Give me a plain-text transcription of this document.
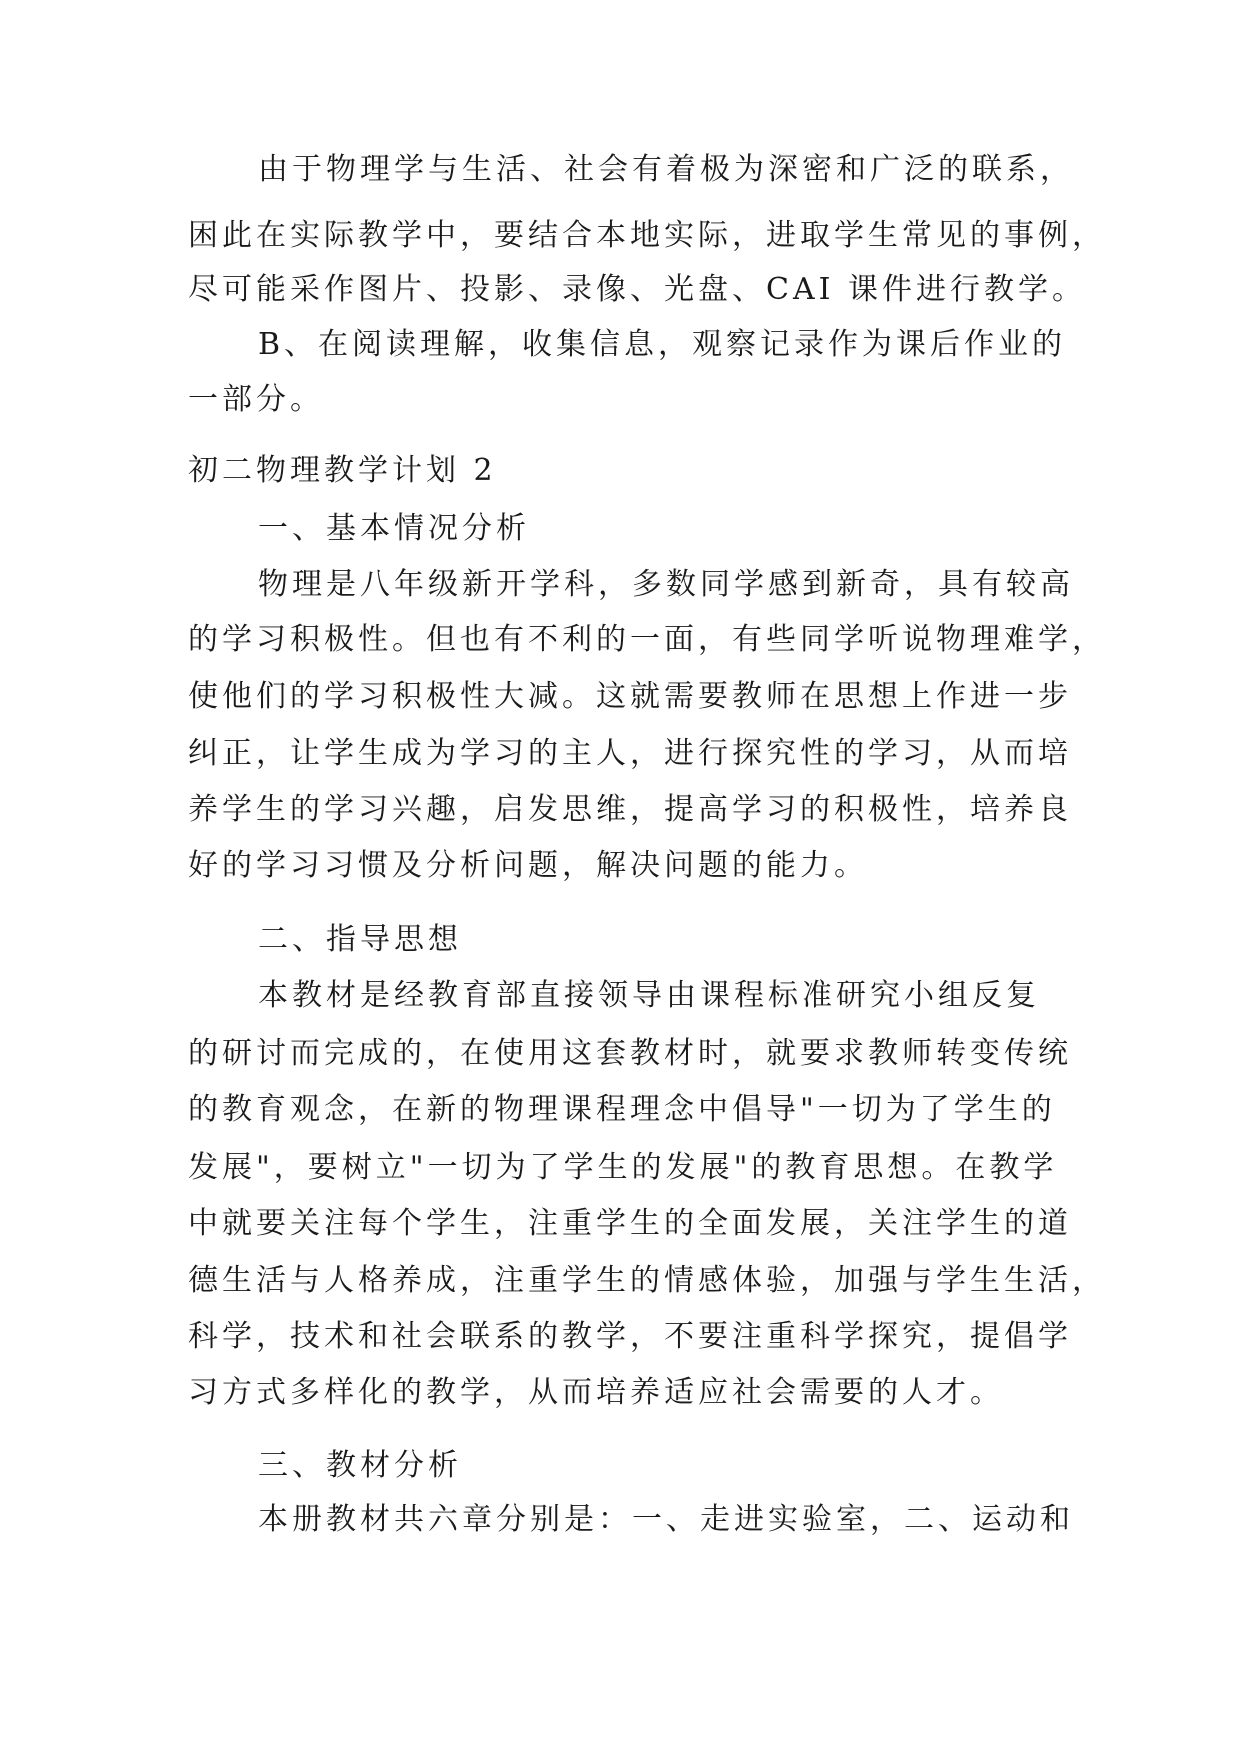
由于物理学与生活、社会有着极为深密和广泛的联系，
困此在实际教学中，要结合本地实际，进取学生常见的事例，
尽可能采作图片、投影、录像、光盘、CAI 课件进行教学。
B、在阅读理解，收集信息，观察记录作为课后作业的
一部分。
初二物理教学计划 2
一、基本情况分析
物理是八年级新开学科，多数同学感到新奇，具有较高
的学习积极性。但也有不利的一面，有些同学听说物理难学，
使他们的学习积极性大减。这就需要教师在思想上作进一步
纠正，让学生成为学习的主人，进行探究性的学习，从而培
养学生的学习兴趣，启发思维，提高学习的积极性，培养良
好的学习习惯及分析问题，解决问题的能力。
二、指导思想
本教材是经教育部直接领导由课程标准研究小组反复
的研讨而完成的，在使用这套教材时，就要求教师转变传统
的教育观念，在新的物理课程理念中倡导"一切为了学生的
发展"，要树立"一切为了学生的发展"的教育思想。在教学
中就要关注每个学生，注重学生的全面发展，关注学生的道
德生活与人格养成，注重学生的情感体验，加强与学生生活，
科学，技术和社会联系的教学，不要注重科学探究，提倡学
习方式多样化的教学，从而培养适应社会需要的人才。
三、教材分析
本册教材共六章分别是：一、走进实验室，二、运动和
